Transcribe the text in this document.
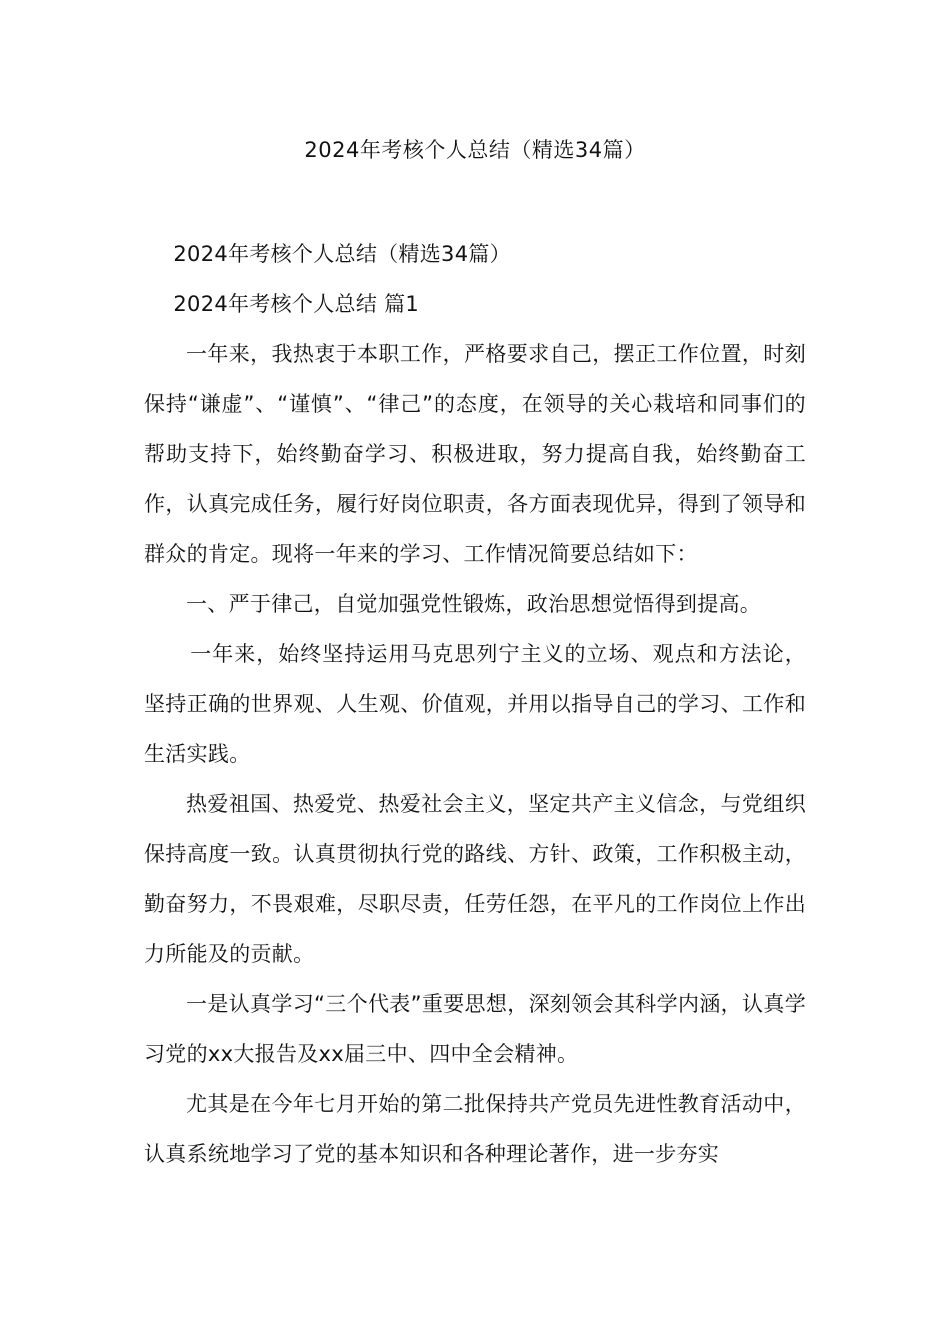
2024年考核个人总结（精选34篇）

2024年考核个人总结（精选34篇）

2024年考核个人总结 篇1

一年来，我热衷于本职工作，严格要求自己，摆正工作位置，时刻保持“谦虚”、“谨慎”、“律己”的态度，在领导的关心栽培和同事们的帮助支持下，始终勤奋学习、积极进取，努力提高自我，始终勤奋工作，认真完成任务，履行好岗位职责，各方面表现优异，得到了领导和群众的肯定。现将一年来的学习、工作情况简要总结如下：

一、严于律己，自觉加强党性锻炼，政治思想觉悟得到提高。

一年来，始终坚持运用马克思列宁主义的立场、观点和方法论，坚持正确的世界观、人生观、价值观，并用以指导自己的学习、工作和生活实践。

热爱祖国、热爱党、热爱社会主义，坚定共产主义信念，与党组织保持高度一致。认真贯彻执行党的路线、方针、政策，工作积极主动，勤奋努力，不畏艰难，尽职尽责，任劳任怨，在平凡的工作岗位上作出力所能及的贡献。

一是认真学习“三个代表”重要思想，深刻领会其科学内涵，认真学习党的xx大报告及xx届三中、四中全会精神。

尤其是在今年七月开始的第二批保持共产党员先进性教育活动中，认真系统地学习了党的基本知识和各种理论著作，进一步夯实
